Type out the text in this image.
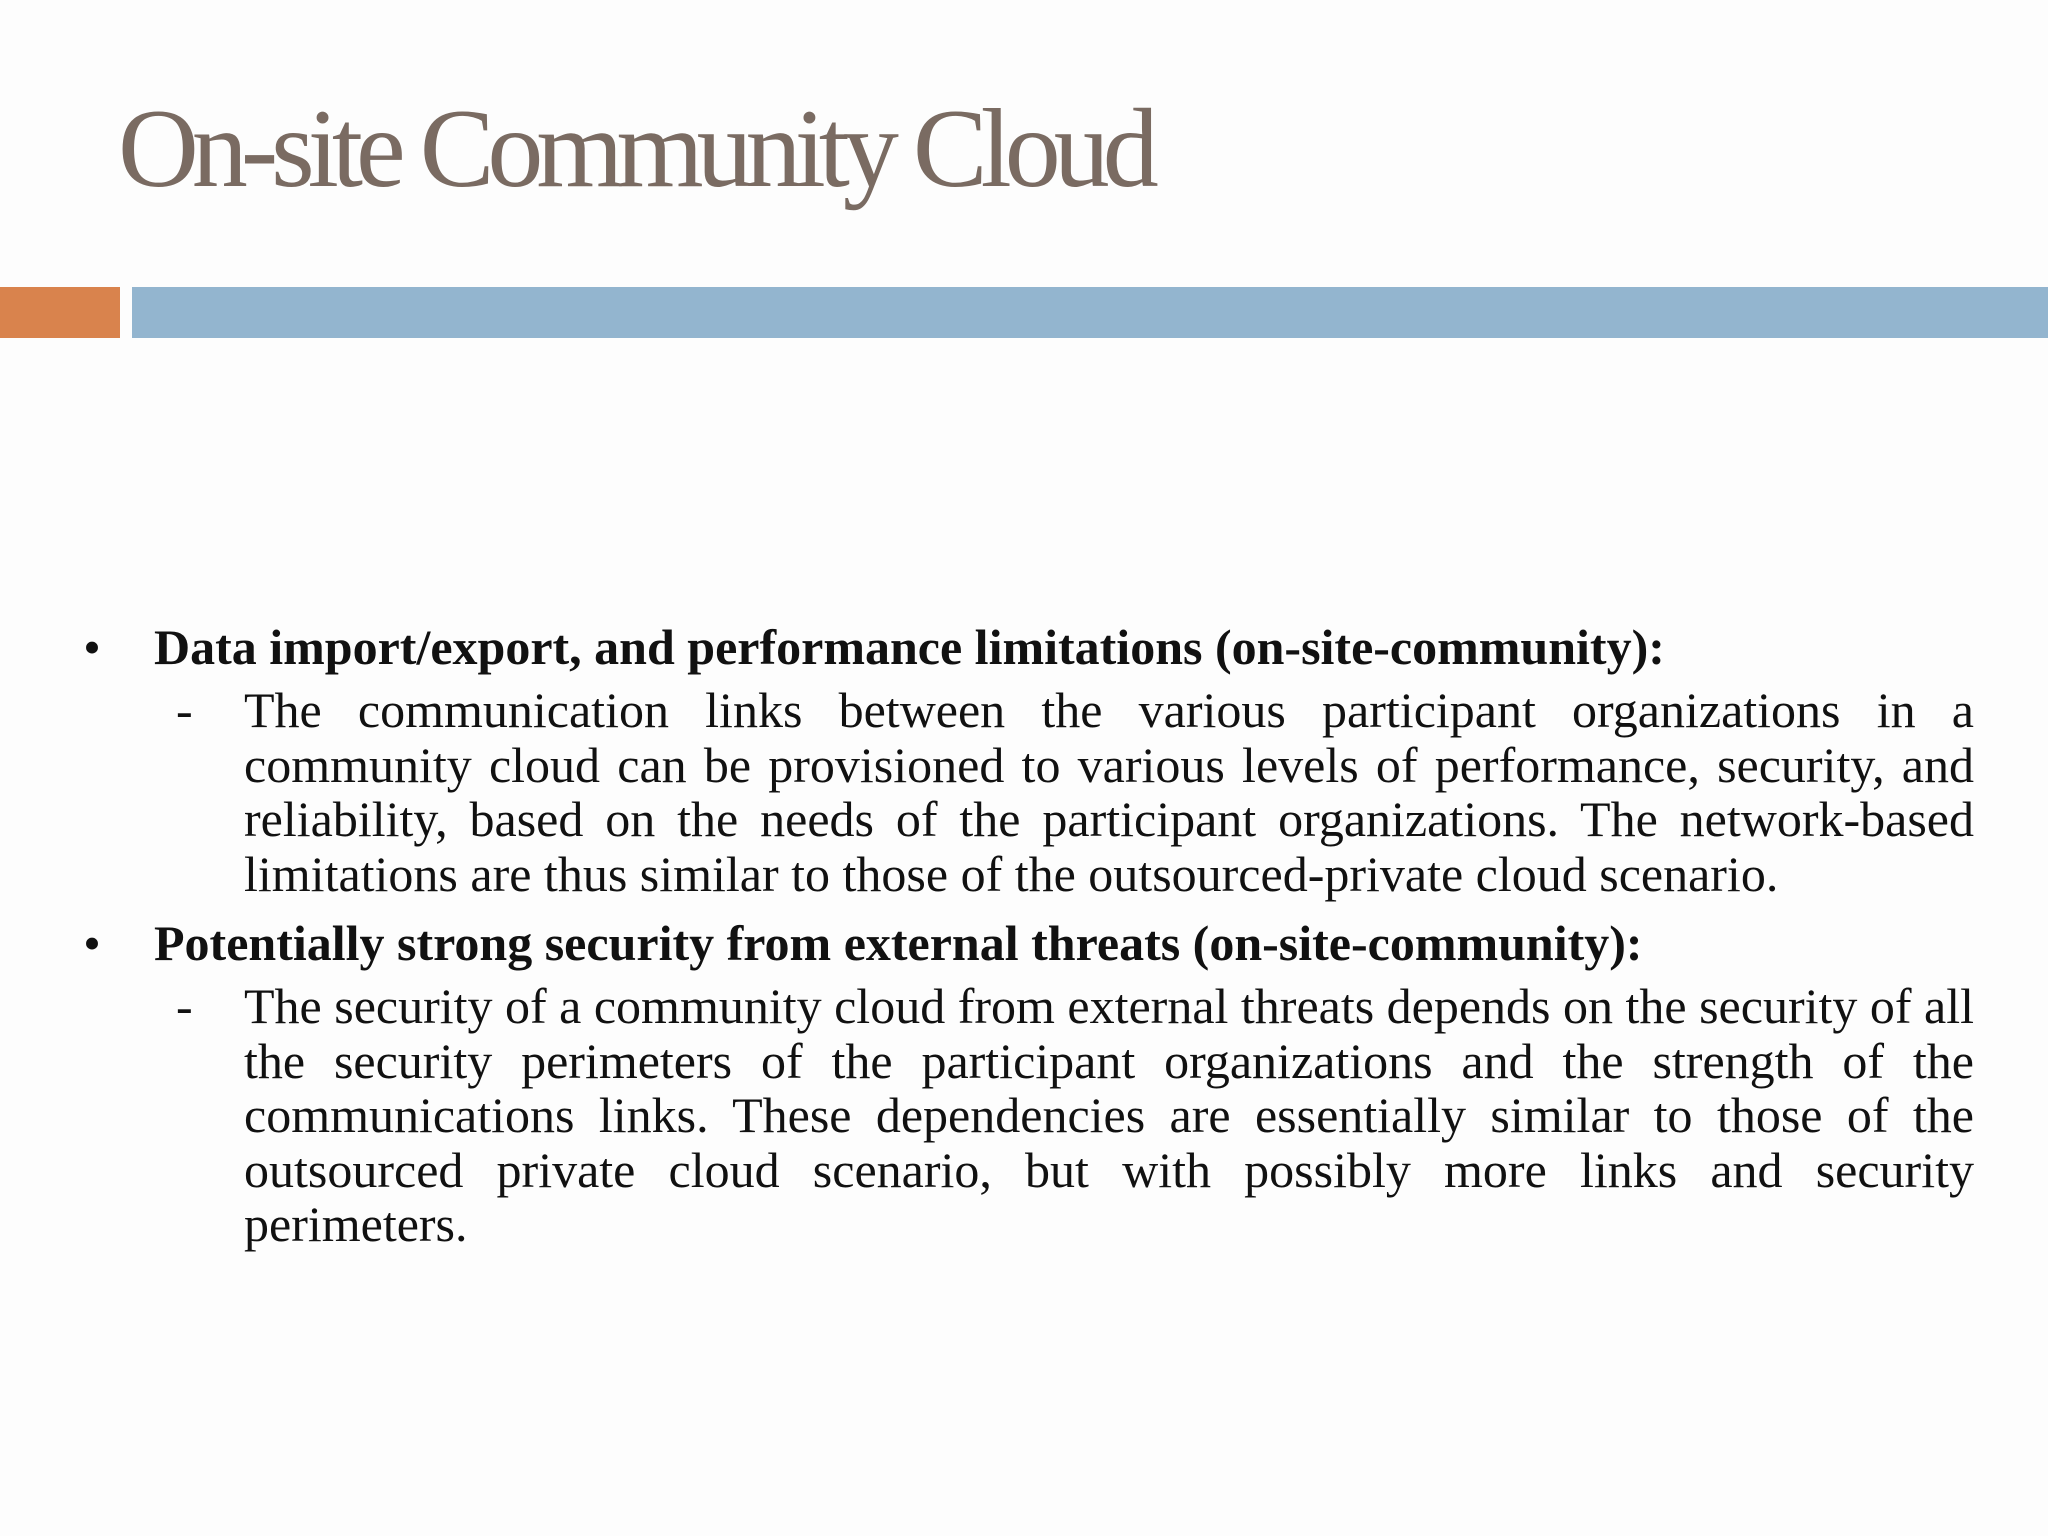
On-site Community Cloud
• Data import/export, and performance limitations (on-site-community):
- The communication links between the various participant organizations in a community cloud can be provisioned to various levels of performance, security, and reliability, based on the needs of the participant organizations. The network-based limitations are thus similar to those of the outsourced-private cloud scenario.
• Potentially strong security from external threats (on-site-community):
- The security of a community cloud from external threats depends on the security of all the security perimeters of the participant organizations and the strength of the communications links. These dependencies are essentially similar to those of the outsourced private cloud scenario, but with possibly more links and security perimeters.
